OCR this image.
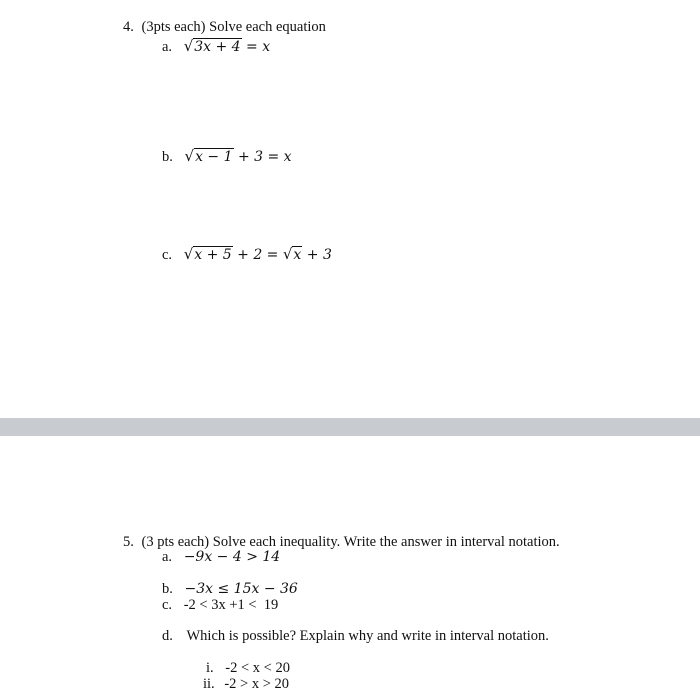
4. (3pts each) Solve each equation
a. √3x + 4 = x
b. √x − 1 + 3 = x
c. √x + 5 + 2 = √x + 3
5. (3 pts each) Solve each inequality. Write the answer in interval notation.
a. −9x − 4 > 14
b. −3x ≤ 15x − 36
c. -2 < 3x +1 <  19
d. Which is possible? Explain why and write in interval notation.
i. -2 < x < 20
ii. -2 > x > 20
